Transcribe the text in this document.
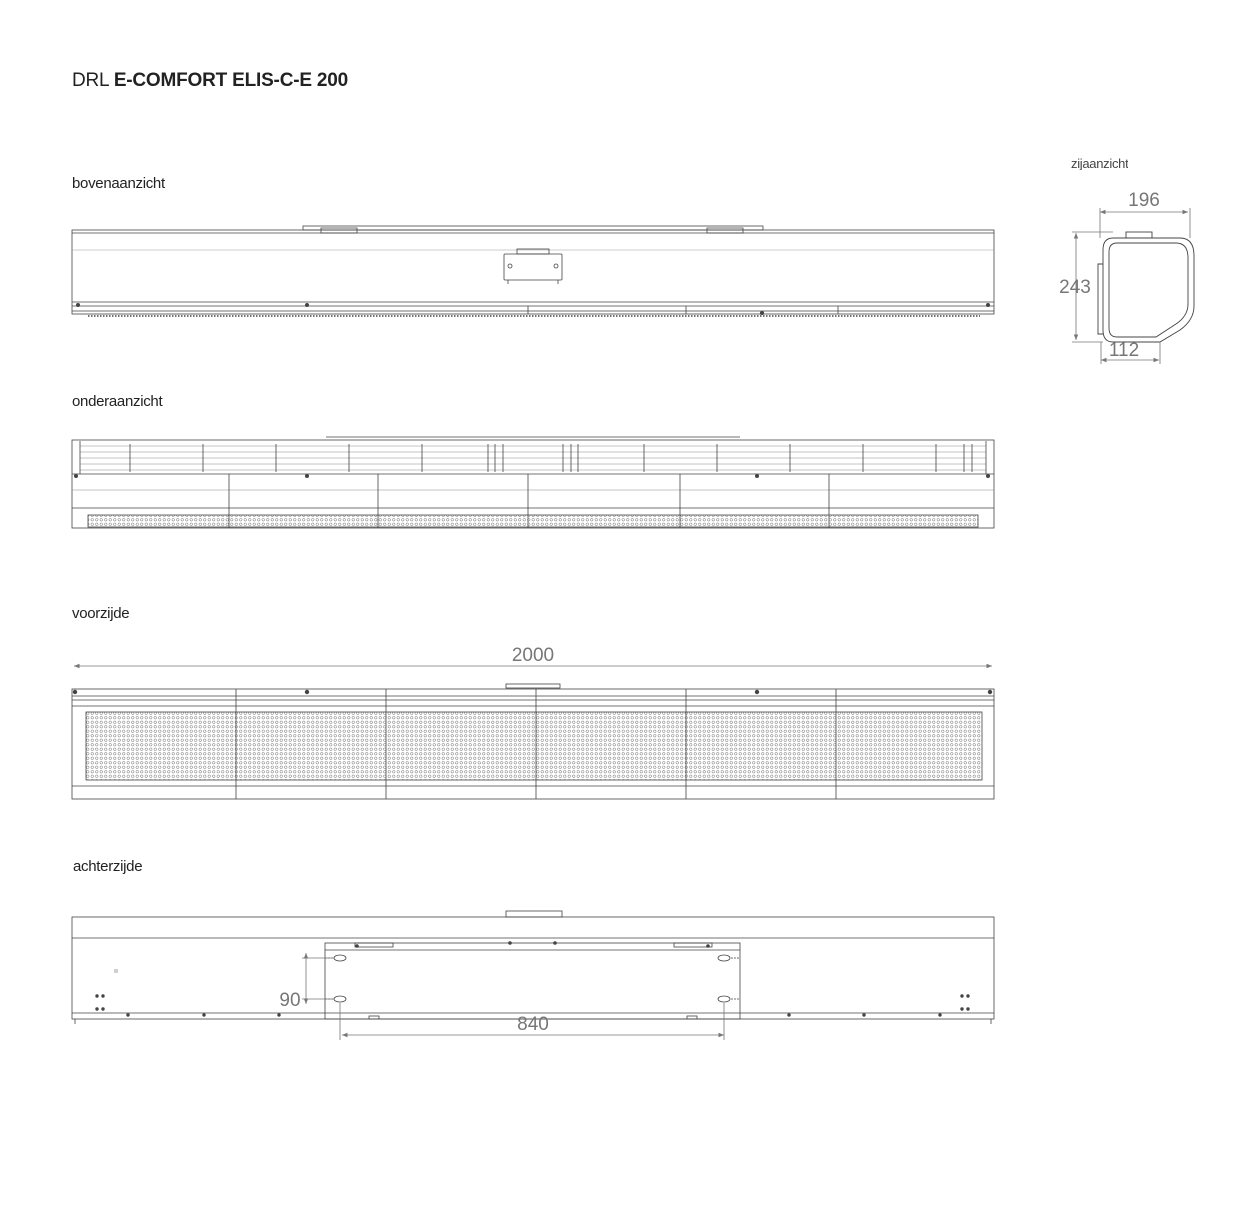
DRL E-COMFORT ELIS-C-E 200
bovenaanzicht
onderaanzicht
voorzijde
achterzijde
zijaanzicht
196
243
112
2000
90
840
